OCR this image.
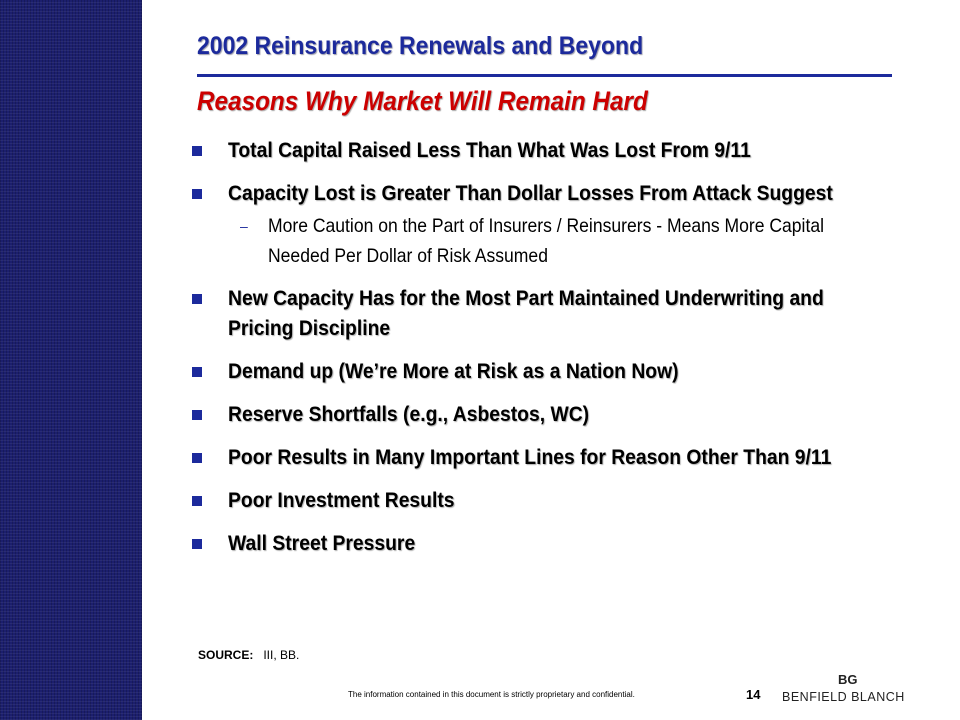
2002 Reinsurance Renewals and Beyond
Reasons Why Market Will Remain Hard
Total Capital Raised Less Than What Was Lost From 9/11
Capacity Lost is Greater Than Dollar Losses From Attack Suggest
– More Caution on the Part of Insurers / Reinsurers - Means More Capital Needed Per Dollar of Risk Assumed
New Capacity Has for the Most Part Maintained Underwriting and Pricing Discipline
Demand up (We’re More at Risk as a Nation Now)
Reserve Shortfalls (e.g., Asbestos, WC)
Poor Results in Many Important Lines for Reason Other Than 9/11
Poor Investment Results
Wall Street Pressure
SOURCE: III, BB.
The information contained in this document is strictly proprietary and confidential.	14
BG
BENFIELD BLANCH
